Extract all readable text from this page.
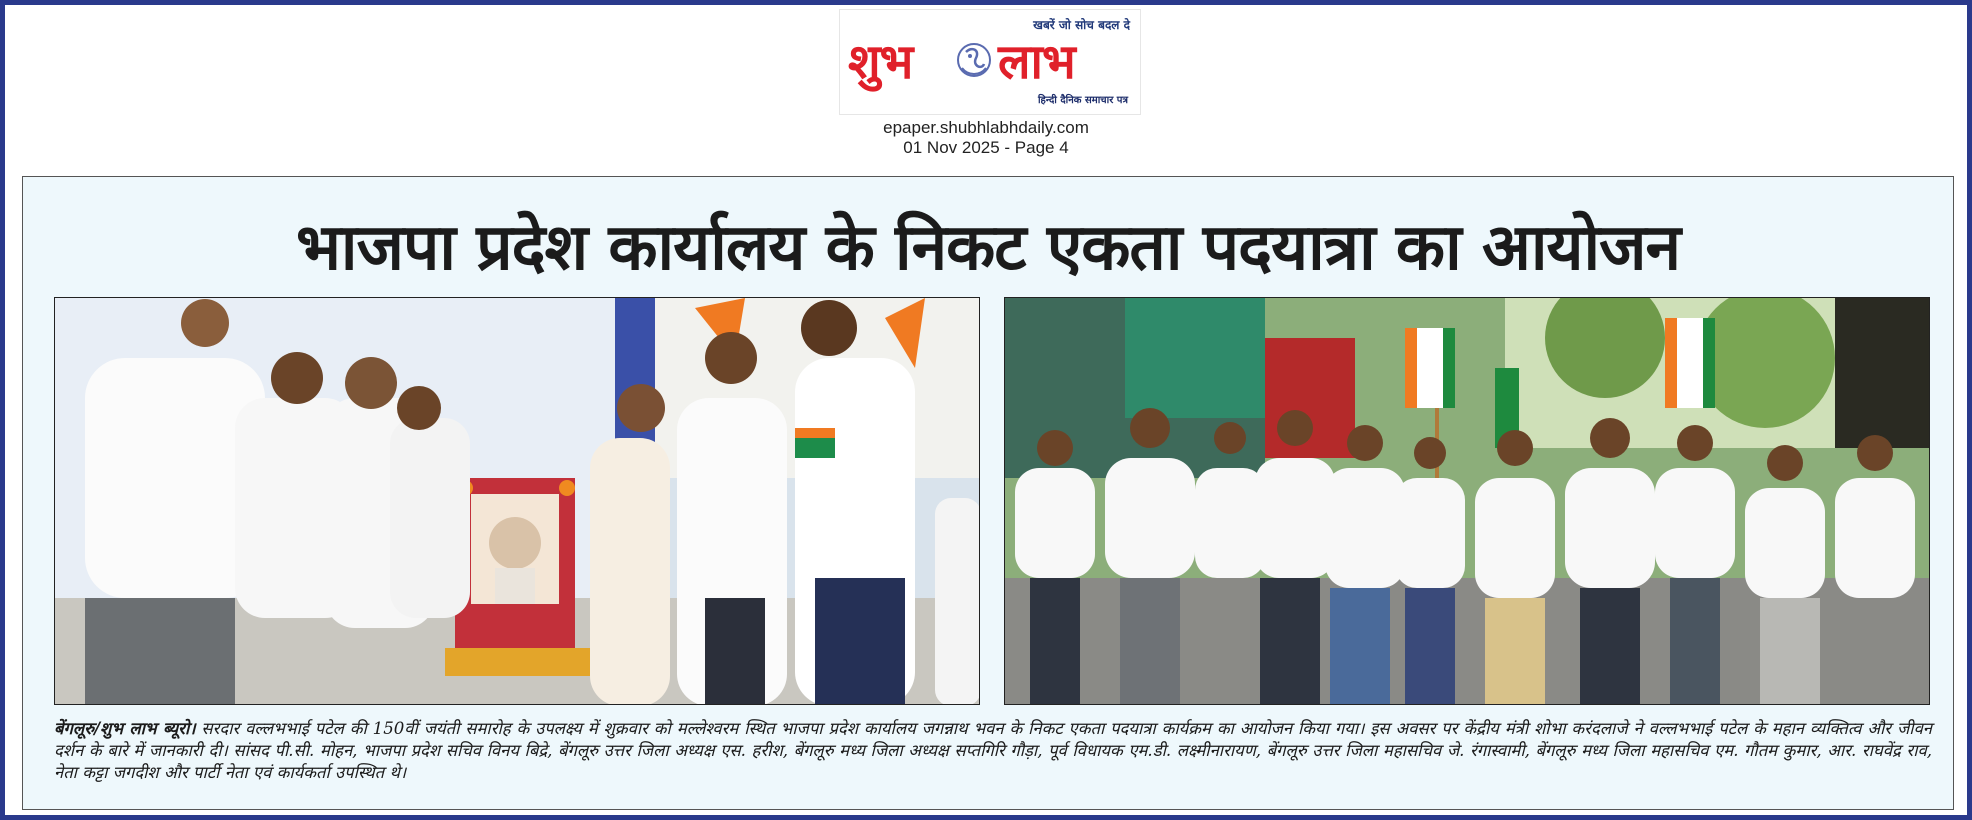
खबरें जो सोच बदल दे
शुभ लाभ
हिन्दी दैनिक समाचार पत्र
epaper.shubhlabhdaily.com
01 Nov 2025 - Page 4
भाजपा प्रदेश कार्यालय के निकट एकता पदयात्रा का आयोजन
बेंगलूरु/शुभ लाभ ब्यूरो। सरदार वल्लभभाई पटेल की 150वीं जयंती समारोह के उपलक्ष्य में शुक्रवार को मल्लेश्वरम स्थित भाजपा प्रदेश कार्यालय जगन्नाथ भवन के निकट एकता पदयात्रा कार्यक्रम का आयोजन किया गया। इस अवसर पर केंद्रीय मंत्री शोभा करंदलाजे ने वल्लभभाई पटेल के महान व्यक्तित्व और जीवन दर्शन के बारे में जानकारी दी। सांसद पी.सी. मोहन, भाजपा प्रदेश सचिव विनय बिद्रे, बेंगलूरु उत्तर जिला अध्यक्ष एस. हरीश, बेंगलूरु मध्य जिला अध्यक्ष सप्तगिरि गौड़ा, पूर्व विधायक एम.डी. लक्ष्मीनारायण, बेंगलूरु उत्तर जिला महासचिव जे. रंगास्वामी, बेंगलूरु मध्य जिला महासचिव एम. गौतम कुमार, आर. राघवेंद्र राव, नेता कट्टा जगदीश और पार्टी नेता एवं कार्यकर्ता उपस्थित थे।
